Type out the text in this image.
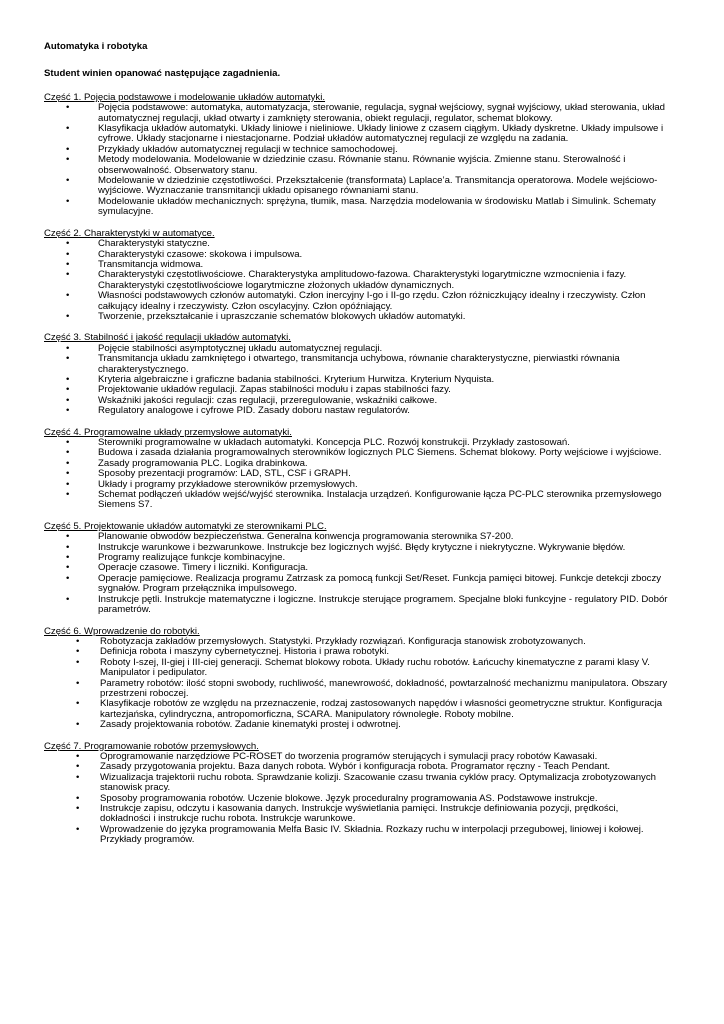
Automatyka i robotyka

Student winien opanować następujące zagadnienia.

Część 1. Pojęcia podstawowe i modelowanie układów automatyki.

• Pojęcia podstawowe: automatyka, automatyzacja, sterowanie, regulacja, sygnał wejściowy, sygnał wyjściowy, układ sterowania, układ automatycznej regulacji, układ otwarty i zamknięty sterowania, obiekt regulacji, regulator, schemat blokowy.
• Klasyfikacja układów automatyki. Układy liniowe i nieliniowe. Układy liniowe z czasem ciągłym. Układy dyskretne. Układy impulsowe i cyfrowe. Układy stacjonarne i niestacjonarne. Podział układów automatycznej regulacji ze względu na zadania.
• Przykłady układów automatycznej regulacji w technice samochodowej.
• Metody modelowania. Modelowanie w dziedzinie czasu. Równanie stanu. Równanie wyjścia. Zmienne stanu. Sterowalność i obserwowalność. Obserwatory stanu.
• Modelowanie w dziedzinie częstotliwości. Przekształcenie (transformata) Laplace’a. Transmitancja operatorowa. Modele wejściowo-wyjściowe. Wyznaczanie transmitancji układu opisanego równaniami stanu.
• Modelowanie układów mechanicznych: sprężyna, tłumik, masa. Narzędzia modelowania w środowisku Matlab i Simulink. Schematy symulacyjne.

Część 2. Charakterystyki w automatyce.

• Charakterystyki statyczne.
• Charakterystyki czasowe: skokowa i impulsowa.
• Transmitancja widmowa.
• Charakterystyki częstotliwościowe. Charakterystyka amplitudowo-fazowa. Charakterystyki logarytmiczne wzmocnienia i fazy. Charakterystyki częstotliwościowe logarytmiczne złożonych układów dynamicznych.
• Własności podstawowych członów automatyki. Człon inercyjny I-go i II-go rzędu. Człon różniczkujący idealny i rzeczywisty. Człon całkujący idealny i rzeczywisty. Człon oscylacyjny. Człon opóźniający.
• Tworzenie, przekształcanie i upraszczanie schematów blokowych układów automatyki.

Część 3. Stabilność i jakość regulacji układów automatyki.

• Pojęcie stabilności asymptotycznej układu automatycznej regulacji.
• Transmitancja układu zamkniętego i otwartego, transmitancja uchybowa, równanie charakterystyczne, pierwiastki równania charakterystycznego.
• Kryteria algebraiczne i graficzne badania stabilności. Kryterium Hurwitza. Kryterium Nyquista.
• Projektowanie układów regulacji. Zapas stabilności modułu i zapas stabilności fazy.
• Wskaźniki jakości regulacji: czas regulacji, przeregulowanie, wskaźniki całkowe.
• Regulatory analogowe i cyfrowe PID. Zasady doboru nastaw regulatorów.

Część 4. Programowalne układy przemysłowe automatyki.

• Sterowniki programowalne w układach automatyki. Koncepcja PLC. Rozwój konstrukcji. Przykłady zastosowań.
• Budowa i zasada działania programowalnych sterowników logicznych PLC Siemens. Schemat blokowy. Porty wejściowe i wyjściowe.
• Zasady programowania PLC. Logika drabinkowa.
• Sposoby prezentacji programów: LAD, STL, CSF i GRAPH.
• Układy i programy przykładowe sterowników przemysłowych.
• Schemat podłączeń układów wejść/wyjść sterownika. Instalacja urządzeń. Konfigurowanie łącza PC-PLC sterownika przemysłowego Siemens S7.

Część 5. Projektowanie układów automatyki ze sterownikami PLC.

• Planowanie obwodów bezpieczeństwa. Generalna konwencja programowania sterownika S7-200.
• Instrukcje warunkowe i bezwarunkowe. Instrukcje bez logicznych wyjść. Błędy krytyczne i niekrytyczne. Wykrywanie błędów.
• Programy realizujące funkcje kombinacyjne.
• Operacje czasowe. Timery i liczniki. Konfiguracja.
• Operacje pamięciowe. Realizacja programu Zatrzask za pomocą funkcji Set/Reset. Funkcja pamięci bitowej. Funkcje detekcji zboczy sygnałów. Program przełącznika impulsowego.
• Instrukcje pętli. Instrukcje matematyczne i logiczne. Instrukcje sterujące programem. Specjalne bloki funkcyjne - regulatory PID. Dobór parametrów.

Część 6. Wprowadzenie do robotyki.

• Robotyzacja zakładów przemysłowych. Statystyki. Przykłady rozwiązań. Konfiguracja stanowisk zrobotyzowanych.
• Definicja robota i maszyny cybernetycznej. Historia i prawa robotyki.
• Roboty I-szej, II-giej i III-ciej generacji. Schemat blokowy robota. Układy ruchu robotów. Łańcuchy kinematyczne z parami klasy V. Manipulator i pedipulator.
• Parametry robotów: ilość stopni swobody, ruchliwość, manewrowość, dokładność, powtarzalność mechanizmu manipulatora. Obszary przestrzeni roboczej.
• Klasyfikacje robotów ze względu na przeznaczenie, rodzaj zastosowanych napędów i własności geometryczne struktur. Konfiguracja kartezjańska, cylindryczna, antropomorficzna, SCARA. Manipulatory równoległe. Roboty mobilne.
• Zasady projektowania robotów. Zadanie kinematyki prostej i odwrotnej.

Część 7. Programowanie robotów przemysłowych.

• Oprogramowanie narzędziowe PC-ROSET do tworzenia programów sterujących i symulacji pracy robotów Kawasaki.
• Zasady przygotowania projektu. Baza danych robota. Wybór i konfiguracja robota. Programator ręczny - Teach Pendant.
• Wizualizacja trajektorii ruchu robota. Sprawdzanie kolizji. Szacowanie czasu trwania cyklów pracy. Optymalizacja zrobotyzowanych stanowisk pracy.
• Sposoby programowania robotów. Uczenie blokowe. Język proceduralny programowania AS. Podstawowe instrukcje.
• Instrukcje zapisu, odczytu i kasowania danych. Instrukcje wyświetlania pamięci. Instrukcje definiowania pozycji, prędkości, dokładności i instrukcje ruchu robota. Instrukcje warunkowe.
• Wprowadzenie do języka programowania Melfa Basic IV. Składnia. Rozkazy ruchu w interpolacji przegubowej, liniowej i kołowej. Przykłady programów.
